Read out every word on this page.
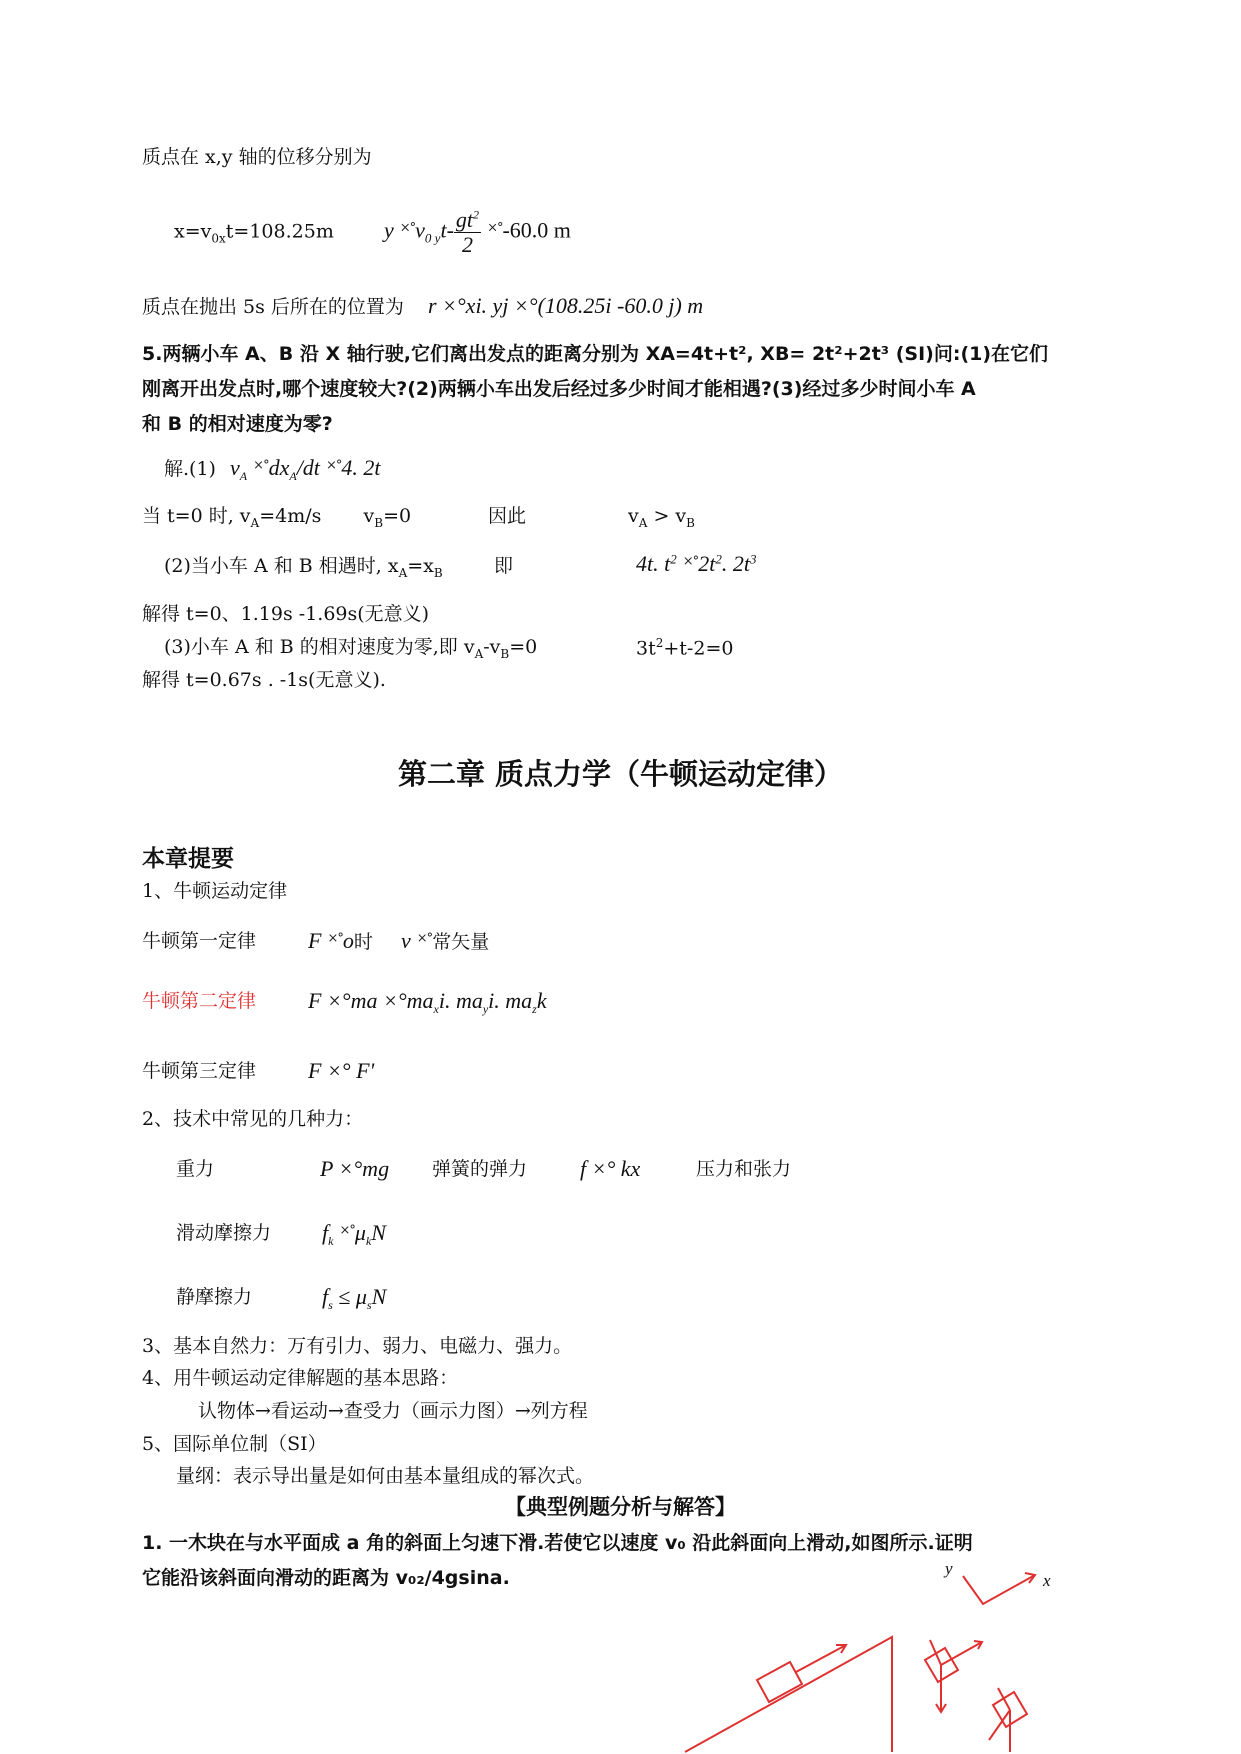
质点在 x,y 轴的位移分别为
$x=v_{0x}t=108.25m$ y $^{\times^\circ}v_{0 y}t- \frac{gt^2}{2} ^{\times^\circ}-60.0$ m
质点在抛出 5s 后所在的位置为 r ×°xi. yj ×°(108.25i -60.0 j) m
5.两辆小车 A、B 沿 X 轴行驶,它们离出发点的距离分别为 XA=4t+t², XB= 2t²+2t³ (SI)问:(1)在它们
刚离开出发点时,哪个速度较大?(2)两辆小车出发后经过多少时间才能相遇?(3)经过多少时间小车 A
和 B 的相对速度为零?
解.(1) $v_A$ $^{\times^\circ}dx_A/dt$ ×°4. 2t
当 t=0 时, $v_A=4m/s$ $v_B=0$	因此	$v_A > v_B$
(2)当小车 A 和 B 相遇时, $x_A=x_B$	即	4t. $t^2$ $^{\times^\circ}2t^2$. $2t^3$
解得 t=0、1.19s -1.69s(无意义)
(3)小车 A 和 B 的相对速度为零,即 $v_A-v_B=0$	$3t^2+t-2=0$
解得 t=0.67s . -1s(无意义).
第二章 质点力学（牛顿运动定律）
本章提要
1、牛顿运动定律
牛顿第一定律 F ×°o时 v ×°常矢量
牛顿第二定律 $F \times^\circ ma \times^\circ ma_xi$. $ma_yi$. $ma_zk$
牛顿第三定律 F ×° F'
2、技术中常见的几种力：
重力	P ×°mg 弹簧的弹力 f ×° kx	压力和张力
滑动摩擦力 $f_k$ $^{\times^\circ}\mu_kN$
静摩擦力	$f_s \le \mu_sN$
3、基本自然力：万有引力、弱力、电磁力、强力。
4、用牛顿运动定律解题的基本思路：
认物体→看运动→查受力（画示力图）→列方程
5、国际单位制（SI）
量纲：表示导出量是如何由基本量组成的幂次式。
【典型例题分析与解答】
1. 一木块在与水平面成 a 角的斜面上匀速下滑.若使它以速度 v₀ 沿此斜面向上滑动,如图所示.证明
它能沿该斜面向滑动的距离为 v₀₂/4gsina.	y
x
